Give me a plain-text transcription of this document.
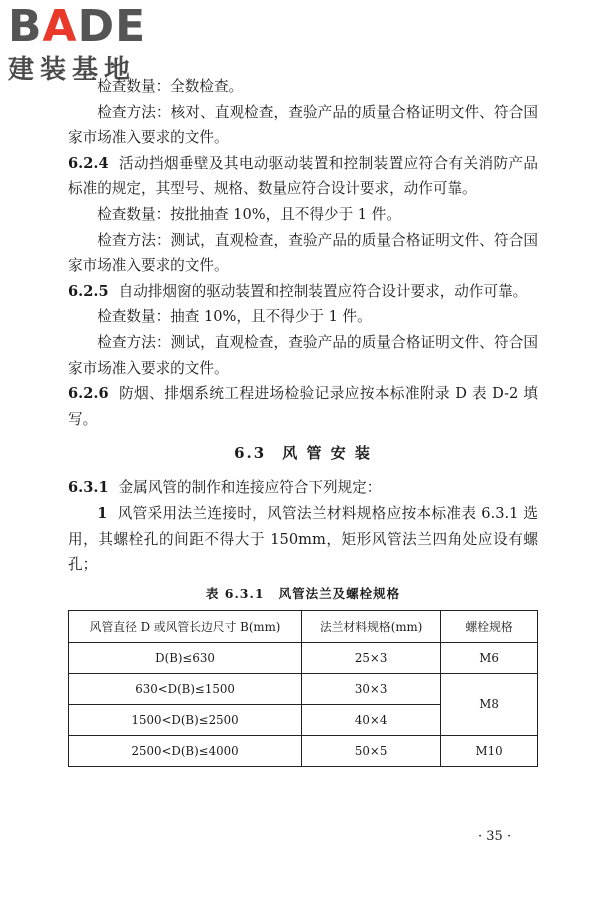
B A DE
建装基地

检查数量：全数检查。

检查方法：核对、直观检查，查验产品的质量合格证明文件、符合国家市场准入要求的文件。

6.2.4 活动挡烟垂壁及其电动驱动装置和控制装置应符合有关消防产品标准的规定，其型号、规格、数量应符合设计要求，动作可靠。

检查数量：按批抽查 10%，且不得少于 1 件。

检查方法：测试，直观检查，查验产品的质量合格证明文件、符合国家市场准入要求的文件。

6.2.5 自动排烟窗的驱动装置和控制装置应符合设计要求，动作可靠。

检查数量：抽查 10%，且不得少于 1 件。

检查方法：测试，直观检查，查验产品的质量合格证明文件、符合国家市场准入要求的文件。

6.2.6 防烟、排烟系统工程进场检验记录应按本标准附录 D 表 D-2 填写。

6.3 风 管 安 装

6.3.1 金属风管的制作和连接应符合下列规定：

1 风管采用法兰连接时，风管法兰材料规格应按本标准表 6.3.1 选用，其螺栓孔的间距不得大于 150mm，矩形风管法兰四角处应设有螺孔；

表 6.3.1 风管法兰及螺栓规格
风管直径 D 或风管长边尺寸 B(mm)	法兰材料规格(mm)	螺栓规格
D(B)≤630	25×3	M6
630<D(B)≤1500	30×3	M8
1500<D(B)≤2500	40×4	
2500<D(B)≤4000	50×5	M10
· 35 ·
